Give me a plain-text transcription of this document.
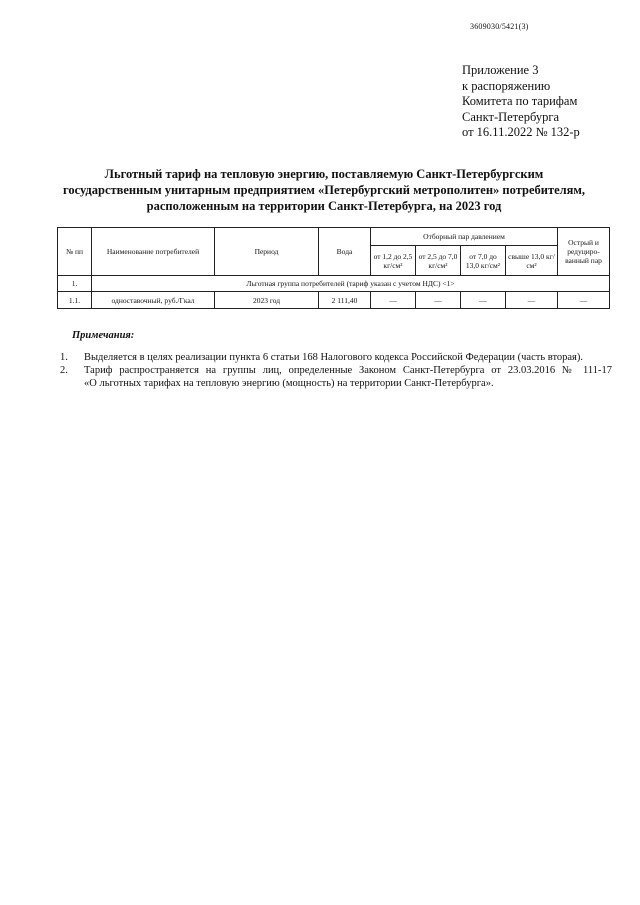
3609030/5421(3)
Приложение 3
к распоряжению
Комитета по тарифам
Санкт-Петербурга
от 16.11.2022 № 132-р
Льготный тариф на тепловую энергию, поставляемую Санкт-Петербургским
государственным унитарным предприятием «Петербургский метрополитен» потребителям,
расположенным на территории Санкт-Петербурга, на 2023 год
№ пп	Наименование потребителей	Период	Вода	Отборный пар давлением				Острый и редуциро-ванный пар
				от 1,2 до 2,5 кг/см²	от 2,5 до 7,0 кг/см²	от 7,0 до 13,0 кг/см²	свыше 13,0 кг/см²	
1.	Льготная группа потребителей (тариф указан с учетом НДС) <1>							
1.1.	одноставочный, руб./Гкал	2023 год	2 111,40	—	—	—	—	—
Примечания:
1. Выделяется в целях реализации пункта 6 статьи 168 Налогового кодекса Российской Федерации (часть вторая).
2. Тариф распространяется на группы лиц, определенные Законом Санкт-Петербурга от 23.03.2016 № 111-17
«О льготных тарифах на тепловую энергию (мощность) на территории Санкт-Петербурга».
